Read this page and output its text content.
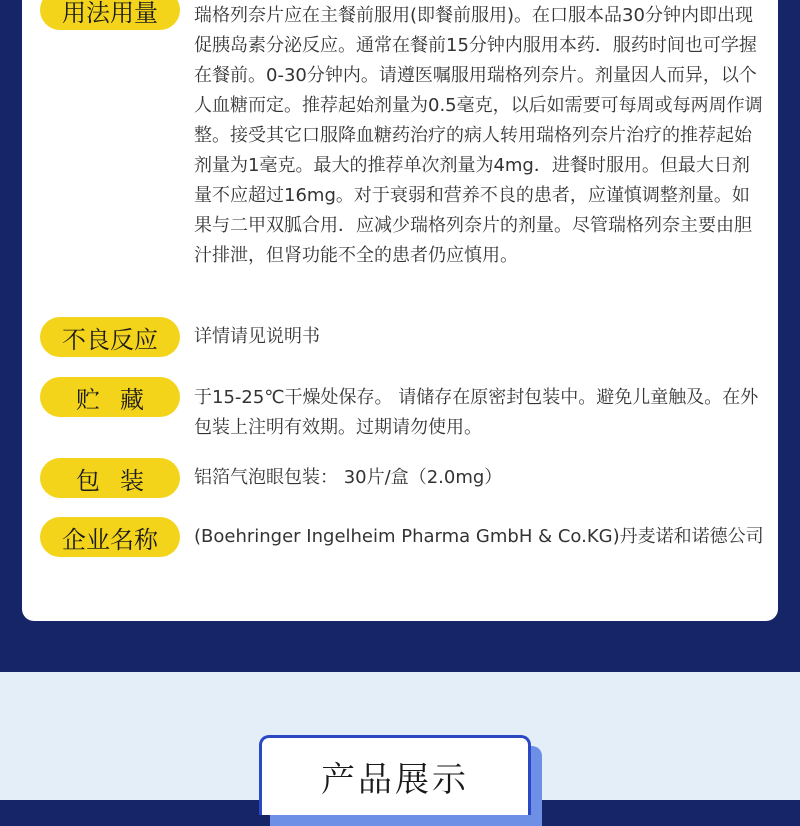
用法用量	瑞格列奈片应在主餐前服用(即餐前服用)。在口服本品30分钟内即出现促胰岛素分泌反应。通常在餐前15分钟内服用本药．服药时间也可学握在餐前。0-30分钟内。请遵医嘱服用瑞格列奈片。剂量因人而异，以个人血糖而定。推荐起始剂量为0.5毫克，以后如需要可每周或每两周作调整。接受其它口服降血糖药治疗的病人转用瑞格列奈片治疗的推荐起始剂量为1毫克。最大的推荐单次剂量为4mg．进餐时服用。但最大日剂量不应超过16mg。对于衰弱和营养不良的患者，应谨慎调整剂量。如果与二甲双胍合用．应减少瑞格列奈片的剂量。尽管瑞格列奈主要由胆汁排泄，但肾功能不全的患者仍应慎用。
不良反应	详情请见说明书
贮藏	于15-25℃干燥处保存。 请储存在原密封包装中。避免儿童触及。在外包装上注明有效期。过期请勿使用。
包装	铝箔气泡眼包装： 30片/盒（2.0mg）
企业名称	(Boehringer Ingelheim Pharma GmbH & Co.KG)丹麦诺和诺德公司
产品展示
